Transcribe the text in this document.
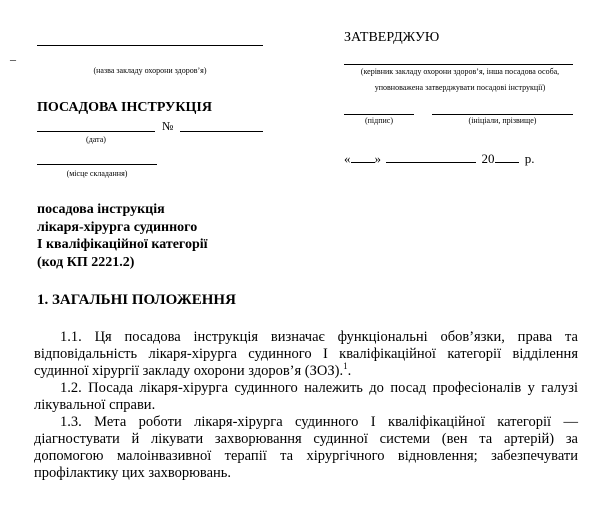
–
(назва закладу охорони здоров’я)
ПОСАДОВА ІНСТРУКЦІЯ
№
(дата)
(місце складання)
ЗАТВЕРДЖУЮ
(керівник закладу охорони здоров’я, інша посадова особа,
уповноважена затверджувати посадові інструкції)
(підпис)	(ініціали, прізвище)
« »	20 р.
посадова інструкція
лікаря-хірурга судинного
І кваліфікаційної категорії
(код КП 2221.2)
1. ЗАГАЛЬНІ ПОЛОЖЕННЯ

1.1. Ця посадова інструкція визначає функціональні обов’язки, права та відповідальність лікаря-хірурга судинного І кваліфікаційної категорії відділення судинної хірургії закладу охорони здоров’я (ЗОЗ).$^1$.

1.2. Посада лікаря-хірурга судинного належить до посад професіоналів у галузі лікувальної справи.

1.3. Мета роботи лікаря-хірурга судинного І кваліфікаційної категорії — діагностувати й лікувати захворювання судинної системи (вен та артерій) за допомогою малоінвазивної терапії та хірургічного відновлення; забезпечувати профілактику цих захворювань.
